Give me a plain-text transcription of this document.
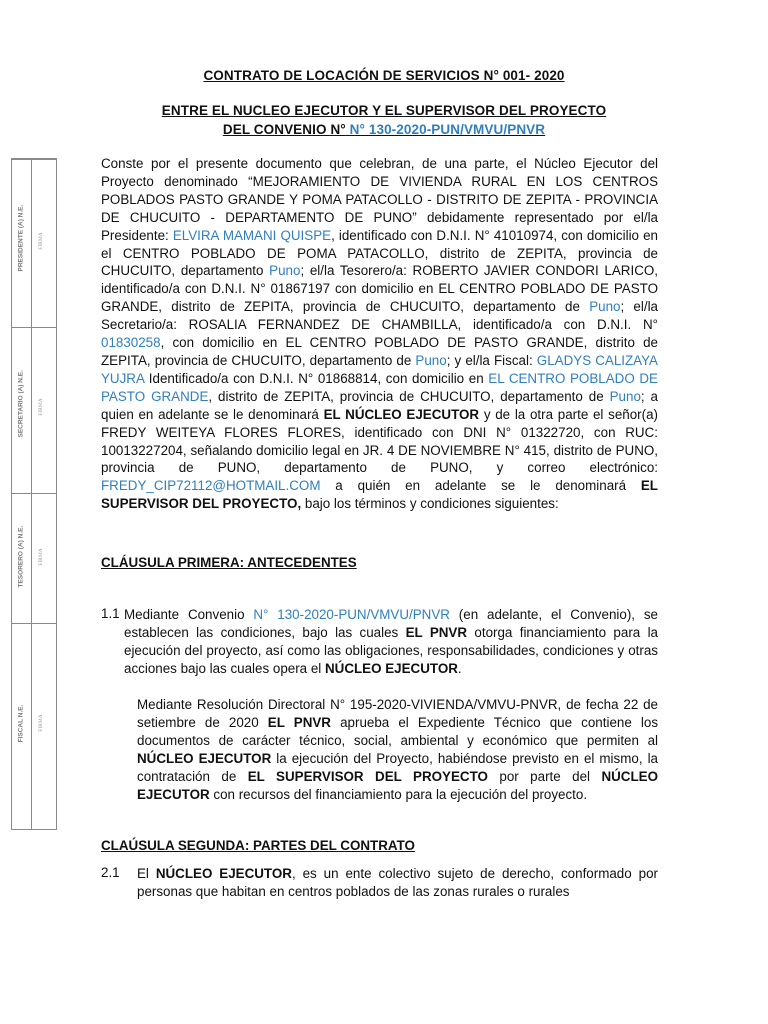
CONTRATO DE LOCACIÓN DE SERVICIOS N° 001- 2020
ENTRE EL NUCLEO EJECUTOR Y EL SUPERVISOR DEL PROYECTO
DEL CONVENIO N° N° 130-2020-PUN/VMVU/PNVR
PRESIDENTE (A) N.E. FIRMA
SECRETARIO (A) N.E. FIRMA
TESORERO (A) N.E. FIRMA
FISCAL N.E. FIRMA
Conste por el presente documento que celebran, de una parte, el Núcleo Ejecutor del Proyecto denominado “MEJORAMIENTO DE VIVIENDA RURAL EN LOS CENTROS POBLADOS PASTO GRANDE Y POMA PATACOLLO - DISTRITO DE ZEPITA - PROVINCIA DE CHUCUITO - DEPARTAMENTO DE PUNO” debidamente representado por el/la Presidente: ELVIRA MAMANI QUISPE, identificado con D.N.I. N° 41010974, con domicilio en el CENTRO POBLADO DE POMA PATACOLLO, distrito de ZEPITA, provincia de CHUCUITO, departamento Puno; el/la Tesorero/a: ROBERTO JAVIER CONDORI LARICO, identificado/a con D.N.I. N° 01867197 con domicilio en EL CENTRO POBLADO DE PASTO GRANDE, distrito de ZEPITA, provincia de CHUCUITO, departamento de Puno; el/la Secretario/a: ROSALIA FERNANDEZ DE CHAMBILLA, identificado/a con D.N.I. N° 01830258, con domicilio en EL CENTRO POBLADO DE PASTO GRANDE, distrito de ZEPITA, provincia de CHUCUITO, departamento de Puno; y el/la Fiscal: GLADYS CALIZAYA YUJRA Identificado/a con D.N.I. N° 01868814, con domicilio en EL CENTRO POBLADO DE PASTO GRANDE, distrito de ZEPITA, provincia de CHUCUITO, departamento de Puno; a quien en adelante se le denominará EL NÚCLEO EJECUTOR y de la otra parte el señor(a) FREDY WEITEYA FLORES FLORES, identificado con DNI N° 01322720, con RUC: 10013227204, señalando domicilio legal en JR. 4 DE NOVIEMBRE N° 415, distrito de PUNO, provincia de PUNO, departamento de PUNO, y correo electrónico: FREDY_CIP72112@HOTMAIL.COM a quién en adelante se le denominará EL SUPERVISOR DEL PROYECTO, bajo los términos y condiciones siguientes:
CLÁUSULA PRIMERA: ANTECEDENTES
1.1 Mediante Convenio N° 130-2020-PUN/VMVU/PNVR (en adelante, el Convenio), se establecen las condiciones, bajo las cuales EL PNVR otorga financiamiento para la ejecución del proyecto, así como las obligaciones, responsabilidades, condiciones y otras acciones bajo las cuales opera el NÚCLEO EJECUTOR.
Mediante Resolución Directoral N° 195-2020-VIVIENDA/VMVU-PNVR, de fecha 22 de setiembre de 2020 EL PNVR aprueba el Expediente Técnico que contiene los documentos de carácter técnico, social, ambiental y económico que permiten al NÚCLEO EJECUTOR la ejecución del Proyecto, habiéndose previsto en el mismo, la contratación de EL SUPERVISOR DEL PROYECTO por parte del NÚCLEO EJECUTOR con recursos del financiamiento para la ejecución del proyecto.
CLAÚSULA SEGUNDA: PARTES DEL CONTRATO
2.1 El NÚCLEO EJECUTOR, es un ente colectivo sujeto de derecho, conformado por personas que habitan en centros poblados de las zonas rurales o rurales
